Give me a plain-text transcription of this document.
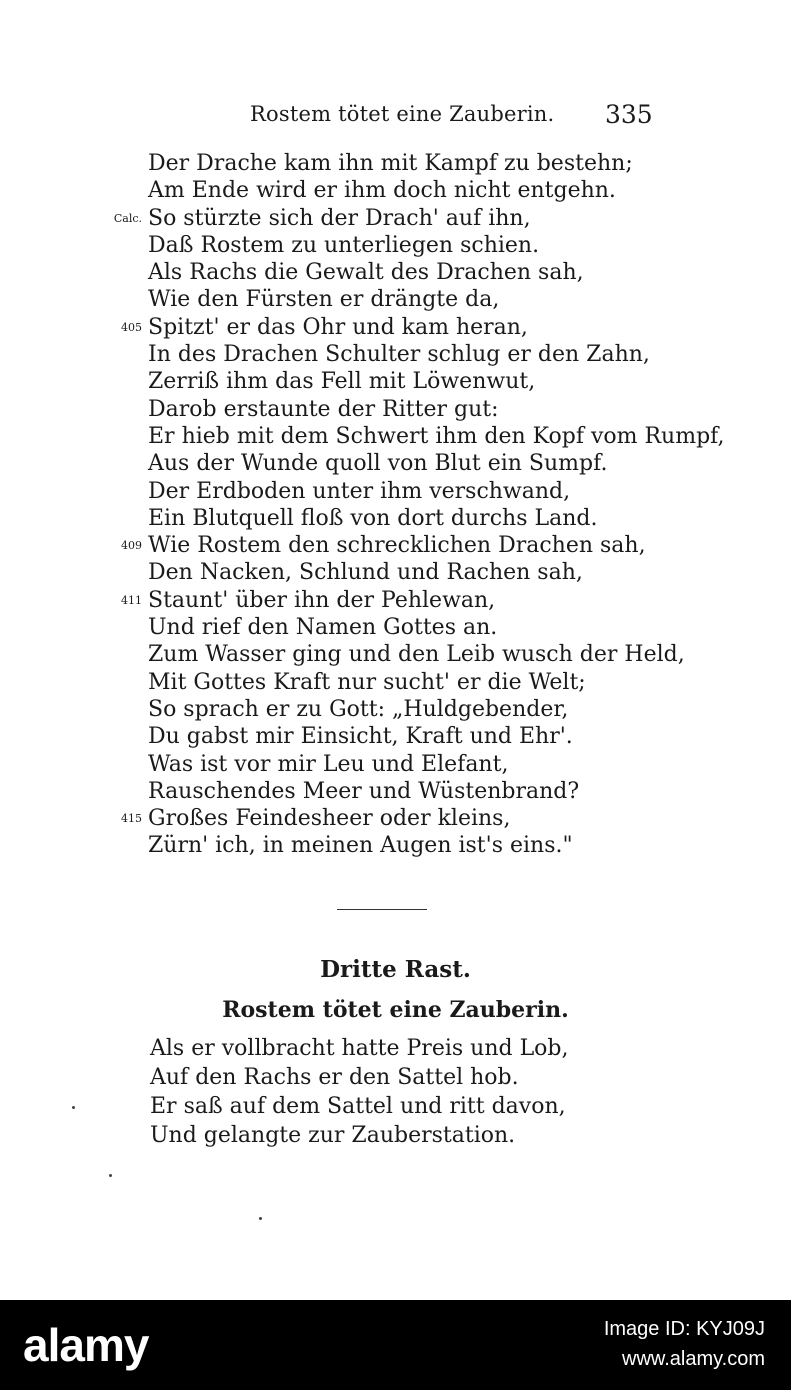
Rostem tötet eine Zauberin. 335
Der Drache kam ihn mit Kampf zu bestehn;
Am Ende wird er ihm doch nicht entgehn.
Calc. So stürzte sich der Drach' auf ihn,
Daß Rostem zu unterliegen schien.
Als Rachs die Gewalt des Drachen sah,
Wie den Fürsten er drängte da,
405 Spitzt' er das Ohr und kam heran,
In des Drachen Schulter schlug er den Zahn,
Zerriß ihm das Fell mit Löwenwut,
Darob erstaunte der Ritter gut:
Er hieb mit dem Schwert ihm den Kopf vom Rumpf,
Aus der Wunde quoll von Blut ein Sumpf.
Der Erdboden unter ihm verschwand,
Ein Blutquell floß von dort durchs Land.
409 Wie Rostem den schrecklichen Drachen sah,
Den Nacken, Schlund und Rachen sah,
411 Staunt' über ihn der Pehlewan,
Und rief den Namen Gottes an.
Zum Wasser ging und den Leib wusch der Held,
Mit Gottes Kraft nur sucht' er die Welt;
So sprach er zu Gott: „Huldgebender,
Du gabst mir Einsicht, Kraft und Ehr'.
Was ist vor mir Leu und Elefant,
Rauschendes Meer und Wüstenbrand?
415 Großes Feindesheer oder kleins,
Zürn' ich, in meinen Augen ist's eins."
Dritte Rast.
Rostem tötet eine Zauberin.
Als er vollbracht hatte Preis und Lob,
Auf den Rachs er den Sattel hob.
Er saß auf dem Sattel und ritt davon,
Und gelangte zur Zauberstation.
alamy	Image ID: KYJ09J
www.alamy.com
